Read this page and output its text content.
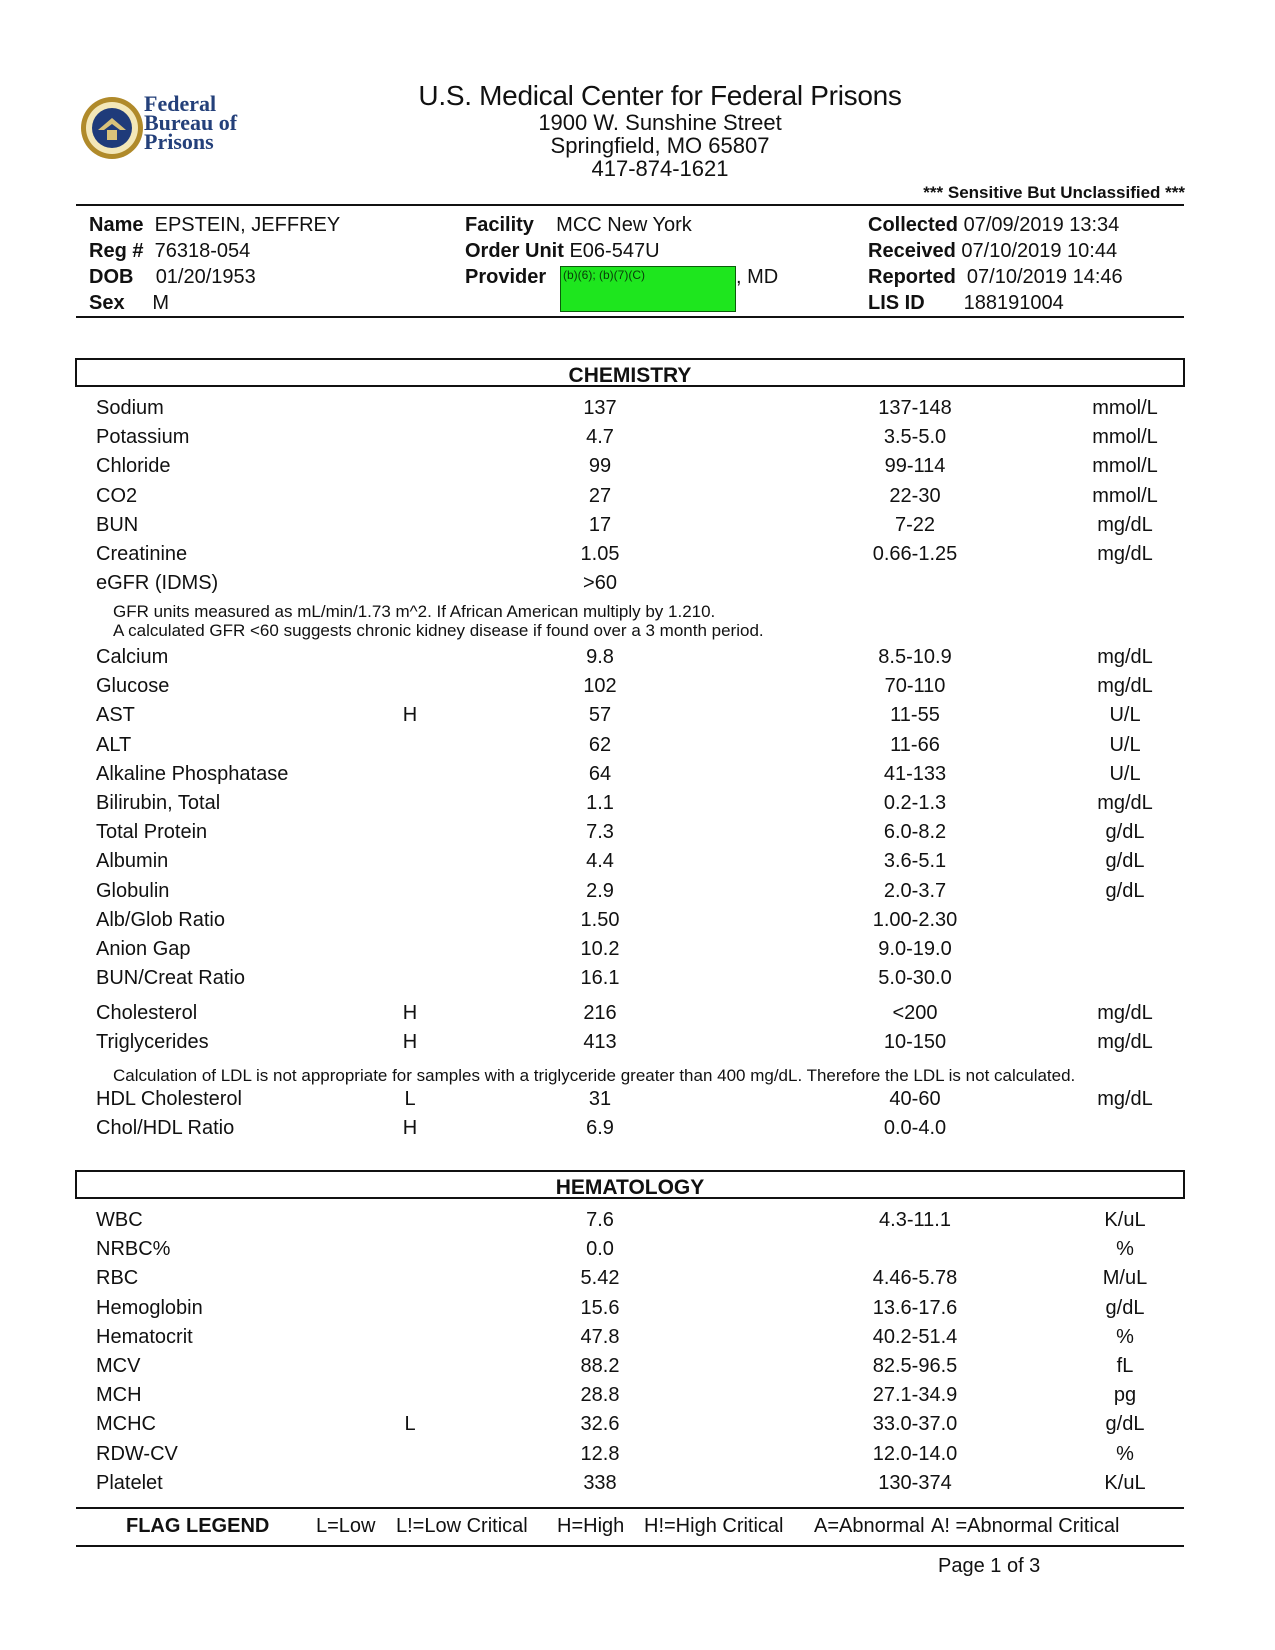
Federal
Bureau of
Prisons
U.S. Medical Center for Federal Prisons
1900 W. Sunshine Street
Springfield, MO 65807
417-874-1621
*** Sensitive But Unclassified ***
Name EPSTEIN, JEFFREY
Reg # 76318-054
DOB 01/20/1953
Sex M
Facility MCC New York
Order Unit E06-547U
Provider (b)(6); (b)(7)(C)	, MD
Collected 07/09/2019 13:34
Received 07/10/2019 10:44
Reported 07/10/2019 14:46
LIS ID 188191004
CHEMISTRY
Sodium	137	137-148	mmol/L
Potassium	4.7	3.5-5.0	mmol/L
Chloride	99	99-114	mmol/L
CO2	27	22-30	mmol/L
BUN	17	7-22	mg/dL
Creatinine	1.05	0.66-1.25	mg/dL
eGFR (IDMS)	>60
GFR units measured as mL/min/1.73 m^2. If African American multiply by 1.210.
A calculated GFR <60 suggests chronic kidney disease if found over a 3 month period.
Calcium	9.8	8.5-10.9	mg/dL
Glucose	102	70-110	mg/dL
AST	H	57	11-55	U/L
ALT	62	11-66	U/L
Alkaline Phosphatase	64	41-133	U/L
Bilirubin, Total	1.1	0.2-1.3	mg/dL
Total Protein	7.3	6.0-8.2	g/dL
Albumin	4.4	3.6-5.1	g/dL
Globulin	2.9	2.0-3.7	g/dL
Alb/Glob Ratio	1.50	1.00-2.30
Anion Gap	10.2	9.0-19.0
BUN/Creat Ratio	16.1	5.0-30.0
Cholesterol	H	216	<200	mg/dL
Triglycerides	H	413	10-150	mg/dL
Calculation of LDL is not appropriate for samples with a triglyceride greater than 400 mg/dL. Therefore the LDL is not calculated.
HDL Cholesterol	L	31	40-60	mg/dL
Chol/HDL Ratio	H	6.9	0.0-4.0
HEMATOLOGY
WBC	7.6	4.3-11.1	K/uL
NRBC%	0.0	%
RBC	5.42	4.46-5.78	M/uL
Hemoglobin	15.6	13.6-17.6	g/dL
Hematocrit	47.8	40.2-51.4	%
MCV	88.2	82.5-96.5	fL
MCH	28.8	27.1-34.9	pg
MCHC	L	32.6	33.0-37.0	g/dL
RDW-CV	12.8	12.0-14.0	%
Platelet	338	130-374	K/uL
FLAG LEGEND L=Low L!=Low Critical H=High H!=High Critical A=Abnormal A! =Abnormal Critical
Page 1 of 3
